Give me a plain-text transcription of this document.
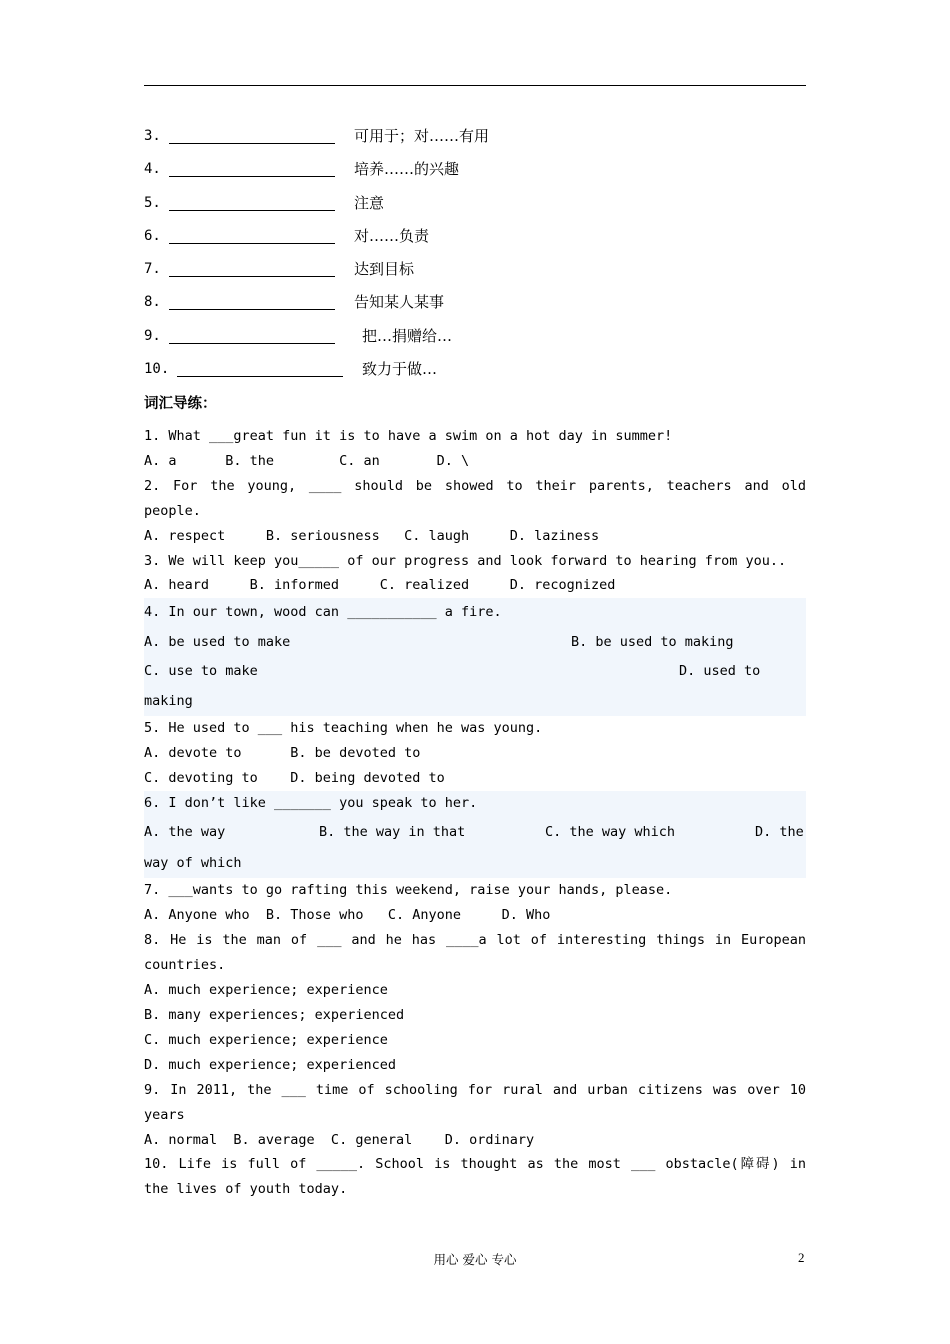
3.	可用于；对……有用
4.	培养……的兴趣
5.	注意
6.	对……负责
7.	达到目标
8.	告知某人某事
9.	把…捐赠给…
10.	致力于做…
词汇导练：
1. What ___great fun it is to have a swim on a hot day in summer!
A. a      B. the        C. an       D. \
2. For the young, ____ should be showed to their parents, teachers and old
people.
A. respect     B. seriousness   C. laugh     D. laziness
3. We will keep you_____ of our progress and look forward to hearing from you..
A. heard     B. informed     C. realized     D. recognized
4. In our town, wood can ___________ a fire.
A. be used to make	B. be used to making
C. use to make	D. used to
making
5. He used to ___ his teaching when he was young.
A. devote to      B. be devoted to
C. devoting to    D. being devoted to
6. I don’t like _______ you speak to her.
A. the way	B. the way in that	C. the way which	D. the
way of which
7. ___wants to go rafting this weekend, raise your hands, please.
A. Anyone who  B. Those who   C. Anyone     D. Who
8. He is the man of ___ and he has ____a lot of interesting things in European
countries.
A. much experience; experience
B. many experiences; experienced
C. much experience; experience
D. much experience; experienced
9. In 2011, the ___ time of schooling for rural and urban citizens was over 10
years
A. normal  B. average  C. general    D. ordinary
10. Life is full of _____. School is thought as the most ___ obstacle(障碍) in
the lives of youth today.
用心 爱心 专心	2
